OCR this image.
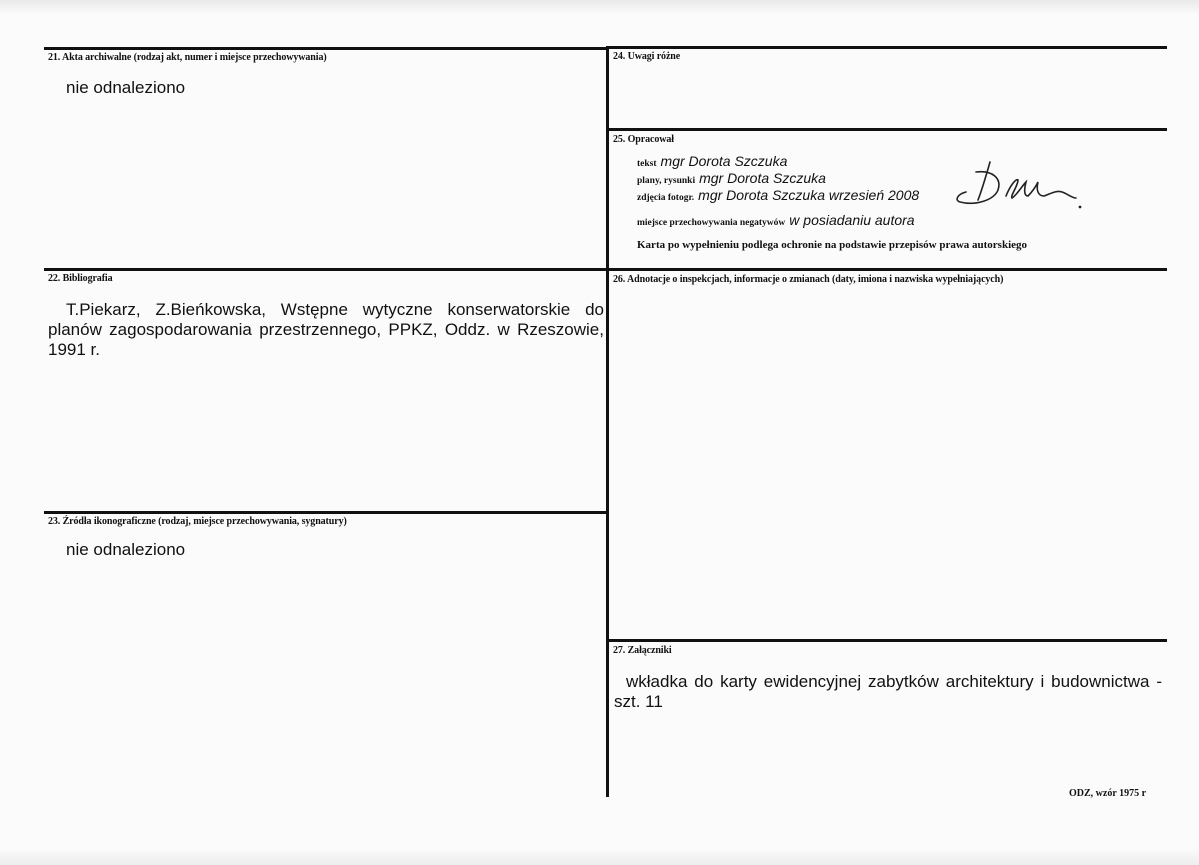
21. Akta archiwalne (rodzaj akt, numer i miejsce przechowywania)
nie odnaleziono
22. Bibliografia
T.Piekarz, Z.Bieńkowska, Wstępne wytyczne konserwatorskie do planów zagospodarowania przestrzennego, PPKZ, Oddz. w Rzeszowie, 1991 r.
23. Źródła ikonograficzne (rodzaj, miejsce przechowywania, sygnatury)
nie odnaleziono
24. Uwagi różne
25. Opracował
tekst mgr Dorota Szczuka
plany, rysunki mgr Dorota Szczuka
zdjęcia fotogr. mgr Dorota Szczuka wrzesień 2008
miejsce przechowywania negatywów w posiadaniu autora
Karta po wypełnieniu podlega ochronie na podstawie przepisów prawa autorskiego
26. Adnotacje o inspekcjach, informacje o zmianach (daty, imiona i nazwiska wypełniających)
27. Załączniki
wkładka do karty ewidencyjnej zabytków architektury i budownictwa - szt. 11
ODZ, wzór 1975 r
